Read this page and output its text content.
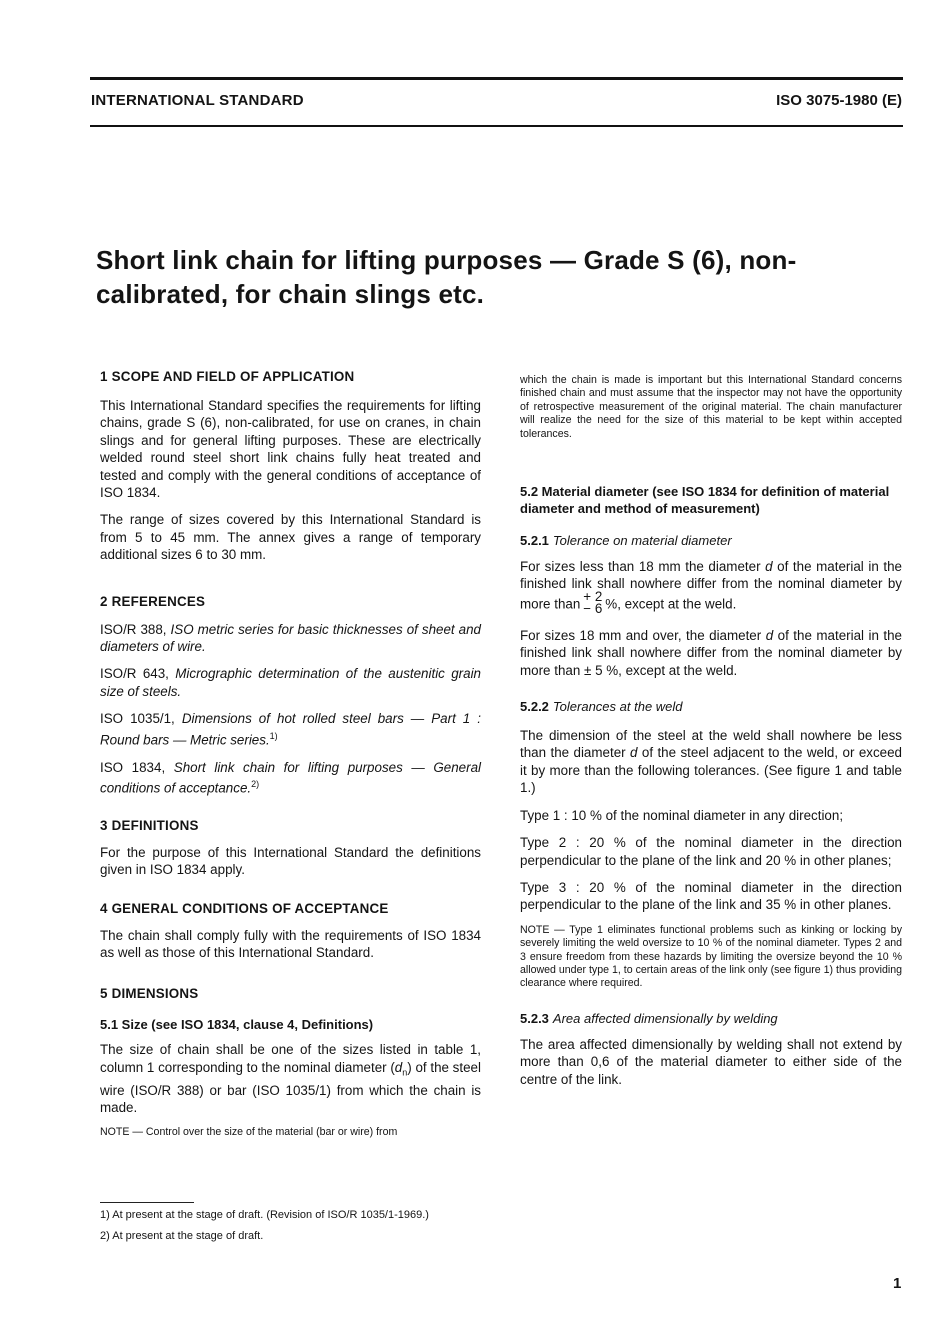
INTERNATIONAL STANDARD	ISO 3075-1980 (E)
Short link chain for lifting purposes — Grade S (6), non-calibrated, for chain slings etc.
1 SCOPE AND FIELD OF APPLICATION

This International Standard specifies the requirements for lifting chains, grade S (6), non-calibrated, for use on cranes, in chain slings and for general lifting purposes. These are electrically welded round steel short link chains fully heat treated and tested and comply with the general conditions of acceptance of ISO 1834.

The range of sizes covered by this International Standard is from 5 to 45 mm. The annex gives a range of temporary additional sizes 6 to 30 mm.

2 REFERENCES

ISO/R 388, ISO metric series for basic thicknesses of sheet and diameters of wire.

ISO/R 643, Micrographic determination of the austenitic grain size of steels.

ISO 1035/1, Dimensions of hot rolled steel bars — Part 1 : Round bars — Metric series.$^{1)}$

ISO 1834, Short link chain for lifting purposes — General conditions of acceptance.$^{2)}$

3 DEFINITIONS

For the purpose of this International Standard the definitions given in ISO 1834 apply.

4 GENERAL CONDITIONS OF ACCEPTANCE

The chain shall comply fully with the requirements of ISO 1834 as well as those of this International Standard.

5 DIMENSIONS
5.1 Size (see ISO 1834, clause 4, Definitions)

The size of chain shall be one of the sizes listed in table 1, column 1 corresponding to the nominal diameter $(d_n)$ of the steel wire (ISO/R 388) or bar (ISO 1035/1) from which the chain is made.

NOTE — Control over the size of the material (bar or wire) from

which the chain is made is important but this International Standard concerns finished chain and must assume that the inspector may not have the opportunity of retrospective measurement of the original material. The chain manufacturer will realize the need for the size of this material to be kept within accepted tolerances.

5.2 Material diameter (see ISO 1834 for definition of material diameter and method of measurement)
5.2.1 Tolerance on material diameter

For sizes less than 18 mm the diameter d of the material in the finished link shall nowhere differ from the nominal diameter by more than
+ 2
− 6 %, except at the weld.

For sizes 18 mm and over, the diameter d of the material in the finished link shall nowhere differ from the nominal diameter by more than ± 5 %, except at the weld.

5.2.2 Tolerances at the weld

The dimension of the steel at the weld shall nowhere be less than the diameter d of the steel adjacent to the weld, or exceed it by more than the following tolerances. (See figure 1 and table 1.)

Type 1 : 10 % of the nominal diameter in any direction;

Type 2 : 20 % of the nominal diameter in the direction perpendicular to the plane of the link and 20 % in other planes;

Type 3 : 20 % of the nominal diameter in the direction perpendicular to the plane of the link and 35 % in other planes.

NOTE — Type 1 eliminates functional problems such as kinking or locking by severely limiting the weld oversize to 10 % of the nominal diameter. Types 2 and 3 ensure freedom from these hazards by limiting the oversize beyond the 10 % allowed under type 1, to certain areas of the link only (see figure 1) thus providing clearance where required.

5.2.3 Area affected dimensionally by welding

The area affected dimensionally by welding shall not extend by more than 0,6 of the material diameter to either side of the centre of the link.

1) At present at the stage of draft. (Revision of ISO/R 1035/1-1969.)
2) At present at the stage of draft.
1
